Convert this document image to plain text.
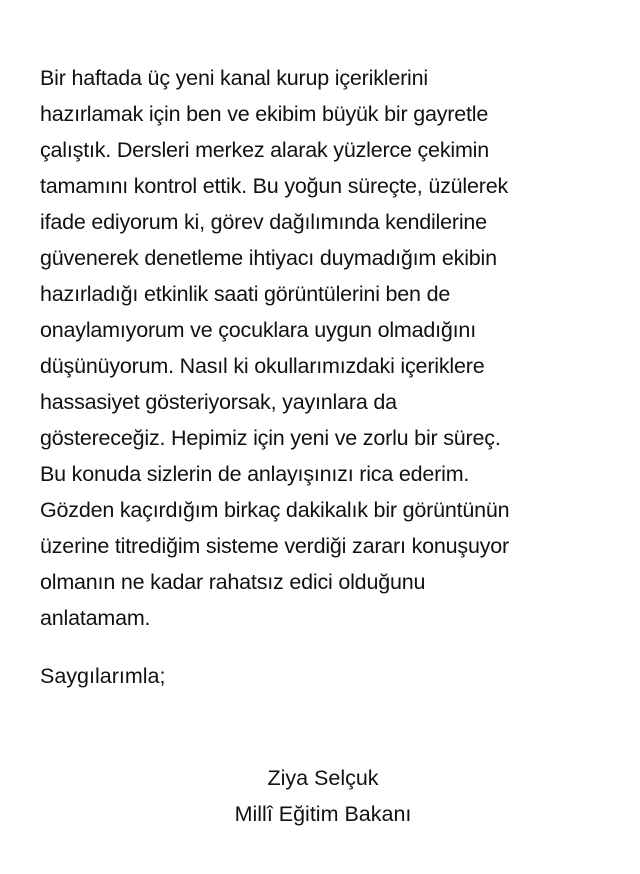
Bir haftada üç yeni kanal kurup içeriklerini
hazırlamak için ben ve ekibim büyük bir gayretle
çalıştık. Dersleri merkez alarak yüzlerce çekimin
tamamını kontrol ettik. Bu yoğun süreçte, üzülerek
ifade ediyorum ki, görev dağılımında kendilerine
güvenerek denetleme ihtiyacı duymadığım ekibin
hazırladığı etkinlik saati görüntülerini ben de
onaylamıyorum ve çocuklara uygun olmadığını
düşünüyorum. Nasıl ki okullarımızdaki içeriklere
hassasiyet gösteriyorsak, yayınlara da
göstereceğiz. Hepimiz için yeni ve zorlu bir süreç.
Bu konuda sizlerin de anlayışınızı rica ederim.
Gözden kaçırdığım birkaç dakikalık bir görüntünün
üzerine titrediğim sisteme verdiği zararı konuşuyor
olmanın ne kadar rahatsız edici olduğunu
anlatamam.

Saygılarımla;

Ziya Selçuk
Millî Eğitim Bakanı
